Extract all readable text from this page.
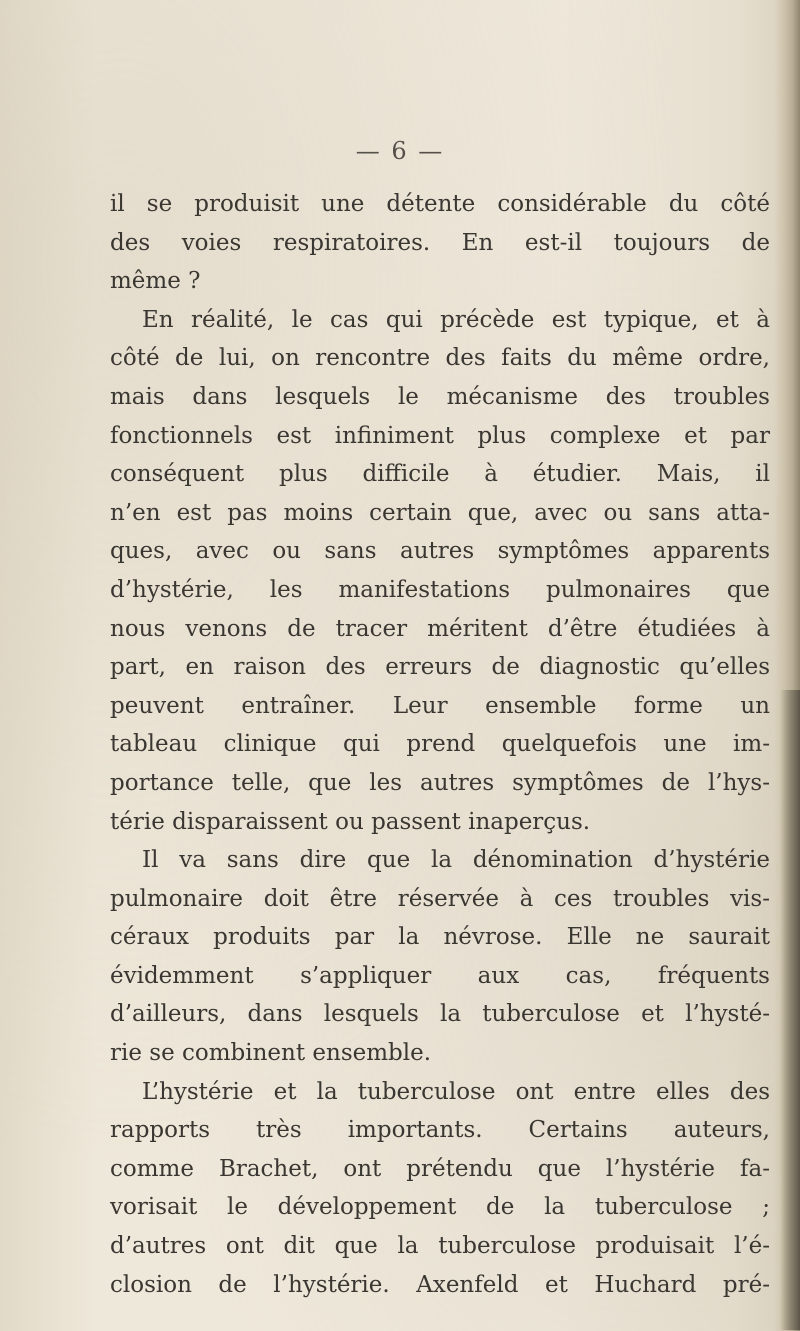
— 6 —
il se produisit une détente considérable du côté
des voies respiratoires. En est-il toujours de
même ?
En réalité, le cas qui précède est typique, et à
côté de lui, on rencontre des faits du même ordre,
mais dans lesquels le mécanisme des troubles
fonctionnels est infiniment plus complexe et par
conséquent plus difficile à étudier. Mais, il
n’en est pas moins certain que, avec ou sans atta-
ques, avec ou sans autres symptômes apparents
d’hystérie, les manifestations pulmonaires que
nous venons de tracer méritent d’être étudiées à
part, en raison des erreurs de diagnostic qu’elles
peuvent entraîner. Leur ensemble forme un
tableau clinique qui prend quelquefois une im-
portance telle, que les autres symptômes de l’hys-
térie disparaissent ou passent inaperçus.
Il va sans dire que la dénomination d’hystérie
pulmonaire doit être réservée à ces troubles vis-
céraux produits par la névrose. Elle ne saurait
évidemment s’appliquer aux cas, fréquents
d’ailleurs, dans lesquels la tuberculose et l’hysté-
rie se combinent ensemble.
L’hystérie et la tuberculose ont entre elles des
rapports très importants. Certains auteurs,
comme Brachet, ont prétendu que l’hystérie fa-
vorisait le développement de la tuberculose ;
d’autres ont dit que la tuberculose produisait l’é-
closion de l’hystérie. Axenfeld et Huchard pré-
